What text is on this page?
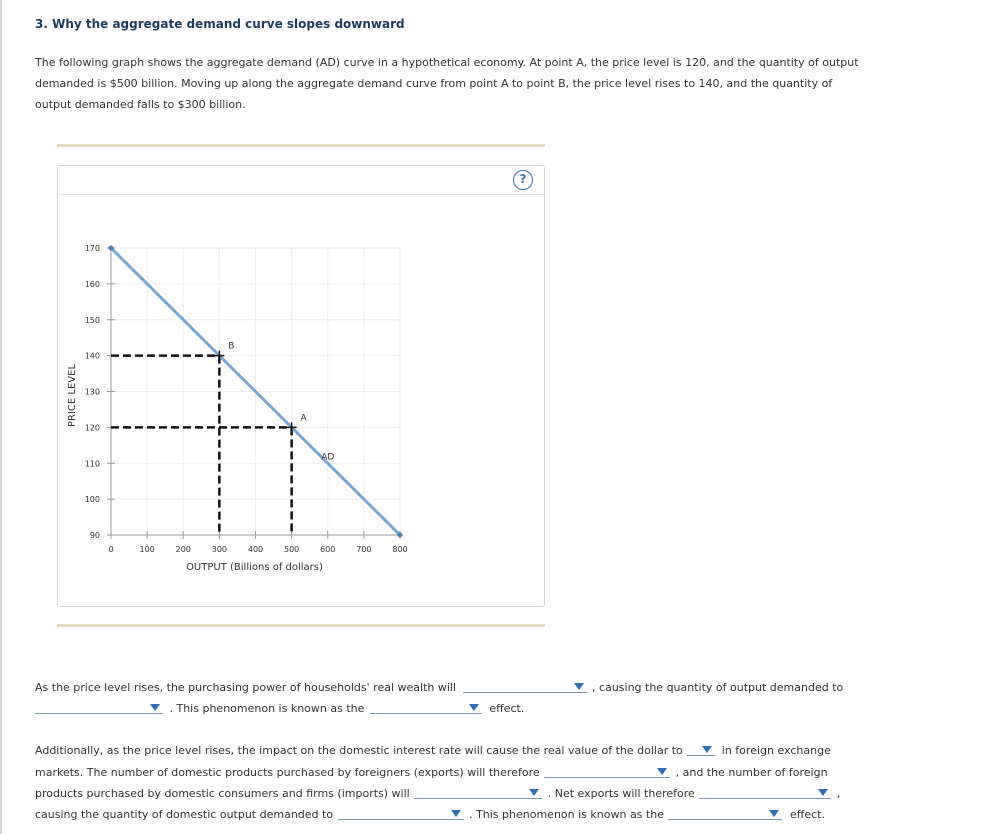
3. Why the aggregate demand curve slopes downward
The following graph shows the aggregate demand (AD) curve in a hypothetical economy. At point A, the price level is 120, and the quantity of output
demanded is $500 billion. Moving up along the aggregate demand curve from point A to point B, the price level rises to 140, and the quantity of
output demanded falls to $300 billion.
?
0	100	200	300	400	500	600	700	800
170
160
150
140
130
120
110
100
90
OUTPUT (Billions of dollars)
PRICE LEVEL
AD
A
B
As the price level rises, the purchasing power of households' real wealth will	, causing the quantity of output demanded to
. This phenomenon is known as the	effect.
Additionally, as the price level rises, the impact on the domestic interest rate will cause the real value of the dollar to	in foreign exchange
markets. The number of domestic products purchased by foreigners (exports) will therefore	, and the number of foreign
products purchased by domestic consumers and firms (imports) will	. Net exports will therefore	,
causing the quantity of domestic output demanded to	. This phenomenon is known as the	effect.
